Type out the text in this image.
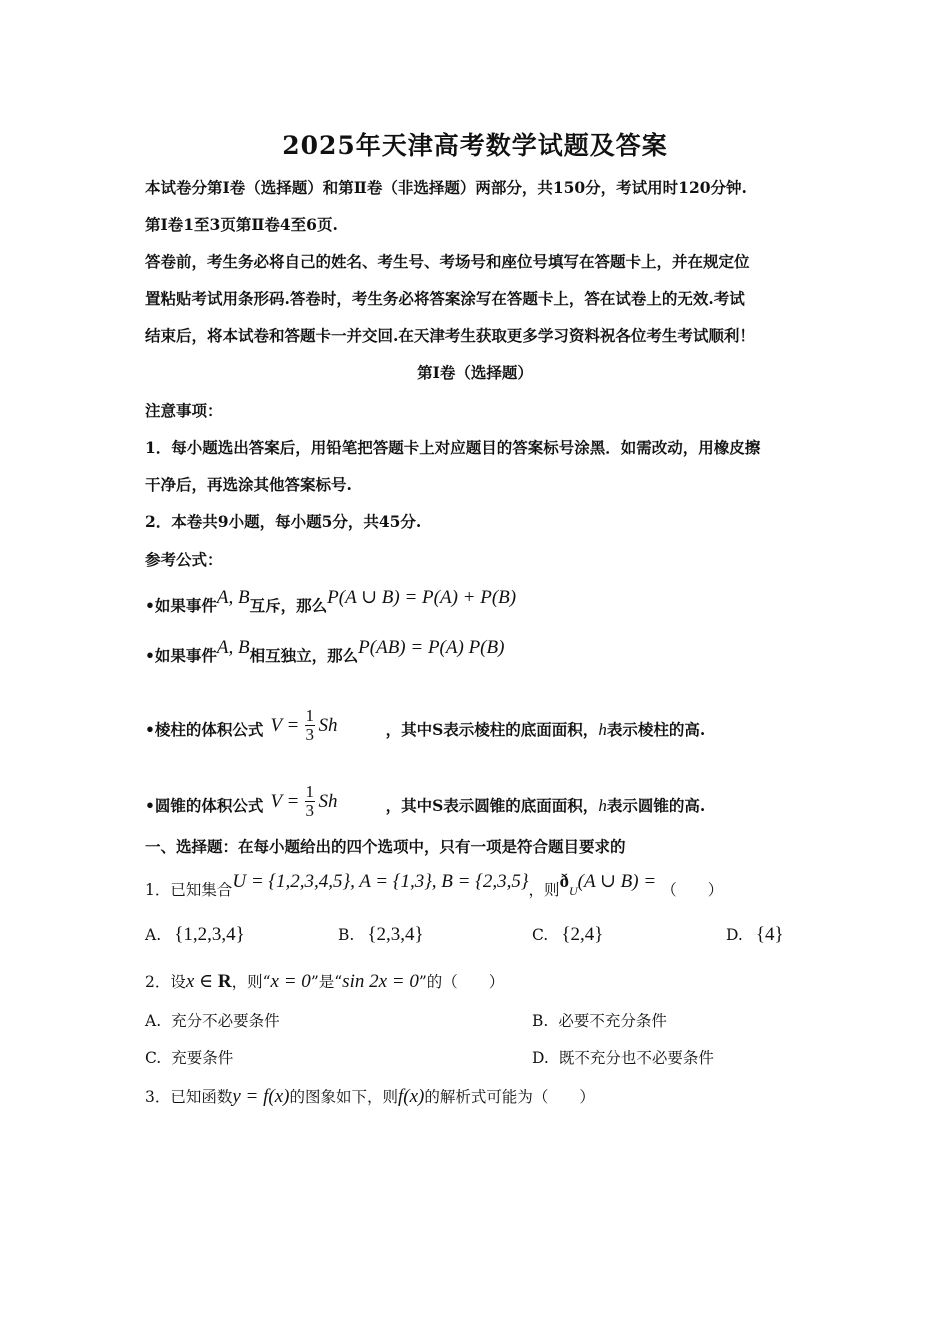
2025年天津高考数学试题及答案
本试卷分第Ⅰ卷（选择题）和第Ⅱ卷（非选择题）两部分，共150分，考试用时120分钟.
第Ⅰ卷1至3页第Ⅱ卷4至6页.
答卷前，考生务必将自己的姓名、考生号、考场号和座位号填写在答题卡上，并在规定位
置粘贴考试用条形码.答卷时，考生务必将答案涂写在答题卡上，答在试卷上的无效.考试
结束后，将本试卷和答题卡一并交回.在天津考生获取更多学习资料祝各位考生考试顺利！
第Ⅰ卷（选择题）
注意事项：
1．每小题选出答案后，用铅笔把答题卡上对应题目的答案标号涂黑．如需改动，用橡皮擦
干净后，再选涂其他答案标号.
2．本卷共9小题，每小题5分，共45分.
参考公式：
•如果事件A, B互斥，那么P(A ∪ B) = P(A) + P(B)
•如果事件A, B相互独立，那么P(AB) = P(A) P(B)
•棱柱的体积公式 $V = \frac{1}{3}$ Sh	，其中S表示棱柱的底面面积，h表示棱柱的高.
•圆锥的体积公式 $V = \frac{1}{3}$ Sh	，其中S表示圆锥的底面面积，h表示圆锥的高.
一、选择题：在每小题给出的四个选项中，只有一项是符合题目要求的
1．已知集合U = {1,2,3,4,5}, A = {1,3}, B = {2,3,5}，则$ð_U(A$ ∪ B) = （　　）
A. {1,2,3,4}	B. {2,3,4}	C. {2,4}	D. {4}
2．设x ∈ R，则“x = 0”是“sin 2x = 0”的（　　）
A. 充分不必要条件	B. 必要不充分条件
C. 充要条件	D. 既不充分也不必要条件
3．已知函数y = f(x)的图象如下，则f(x)的解析式可能为（　　）
